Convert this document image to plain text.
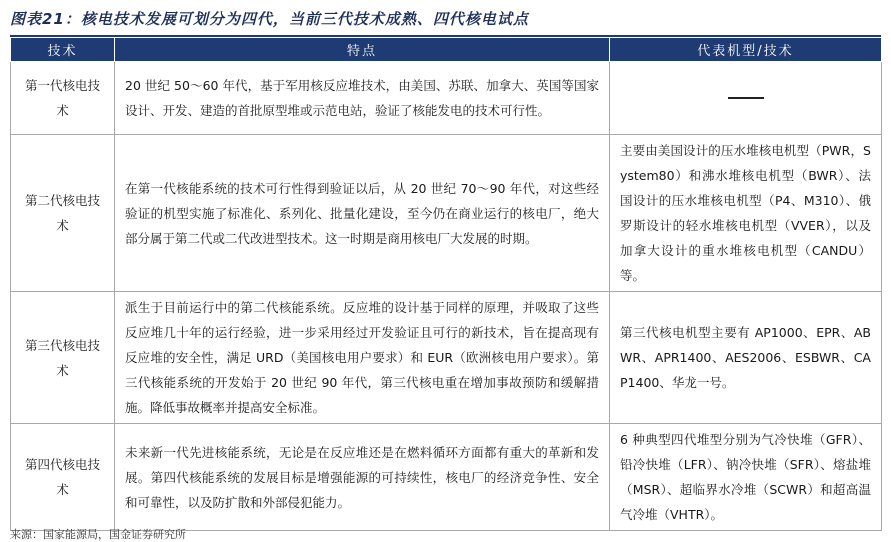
图表21：核电技术发展可划分为四代，当前三代技术成熟、四代核电试点
技术	特点	代表机型/技术
第一代核电技术	20 世纪 50～60 年代，基于军用核反应堆技术，由美国、苏联、加拿大、英国等国家设计、开发、建造的首批原型堆或示范电站，验证了核能发电的技术可行性。	

第二代核电技术	在第一代核能系统的技术可行性得到验证以后，从 20 世纪 70～90 年代，对这些经验证的机型实施了标准化、系列化、批量化建设，至今仍在商业运行的核电厂，绝大部分属于第二代或二代改进型技术。这一时期是商用核电厂大发展的时期。	主要由美国设计的压水堆核电机型（PWR，System80）和沸水堆核电机型（BWR）、法国设计的压水堆核电机型（P4、M310）、俄罗斯设计的轻水堆核电机型（VVER），以及加拿大设计的重水堆核电机型（CANDU）等。
第三代核电技术	派生于目前运行中的第二代核能系统。反应堆的设计基于同样的原理，并吸取了这些反应堆几十年的运行经验，进一步采用经过开发验证且可行的新技术，旨在提高现有反应堆的安全性，满足 URD（美国核电用户要求）和 EUR（欧洲核电用户要求）。第三代核能系统的开发始于 20 世纪 90 年代，第三代核电重在增加事故预防和缓解措施。降低事故概率并提高安全标准。	第三代核电机型主要有 AP1000、EPR、ABWR、APR1400、AES2006、ESBWR、CAP1400、华龙一号。
第四代核电技术	未来新一代先进核能系统，无论是在反应堆还是在燃料循环方面都有重大的革新和发展。第四代核能系统的发展目标是增强能源的可持续性，核电厂的经济竞争性、安全和可靠性，以及防扩散和外部侵犯能力。	6 种典型四代堆型分别为气冷快堆（GFR）、铅冷快堆（LFR）、钠冷快堆（SFR）、熔盐堆（MSR）、超临界水冷堆（SCWR）和超高温气冷堆（VHTR）。
来源：国家能源局，国金证券研究所
